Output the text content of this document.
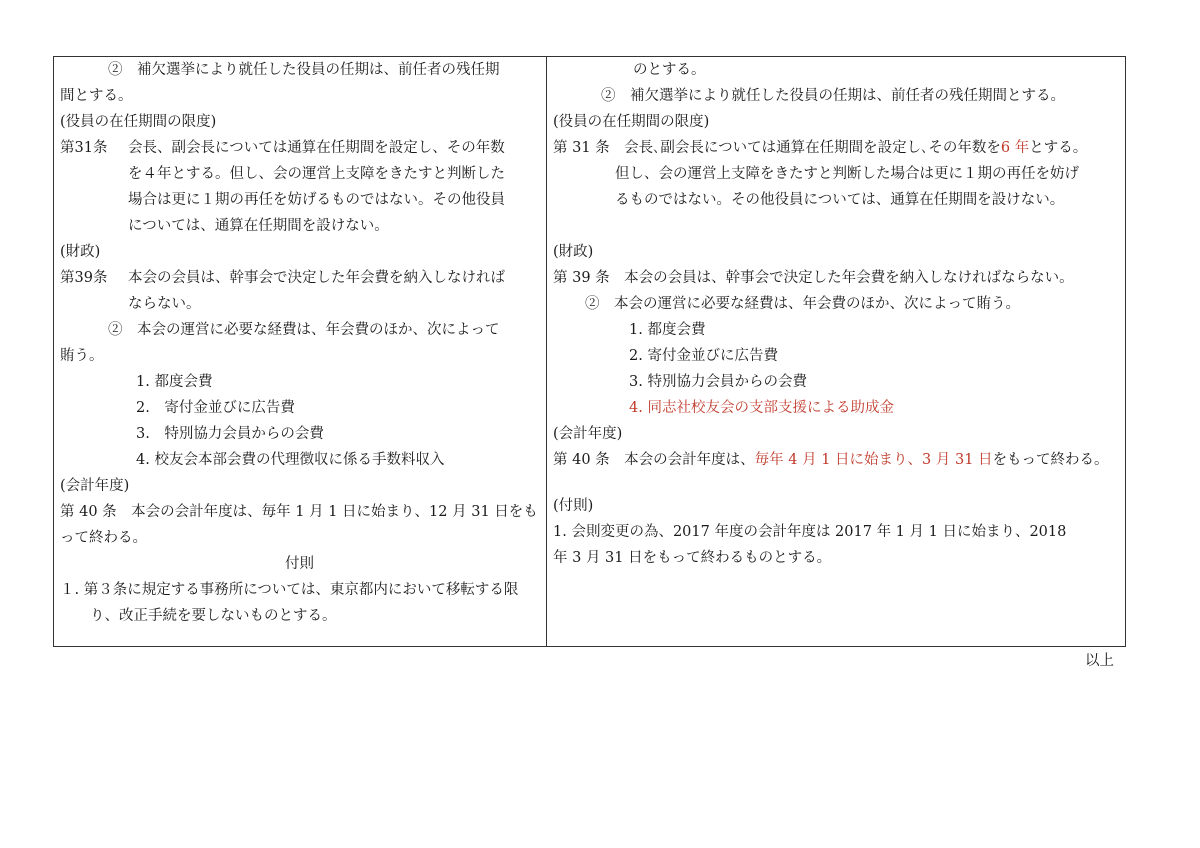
②　補欠選挙により就任した役員の任期は、前任者の残任期
間とする。
(役員の在任期間の限度)
第31条 会長、副会長については通算在任期間を設定し、その年数
を４年とする。但し、会の運営上支障をきたすと判断した
場合は更に１期の再任を妨げるものではない。その他役員
については、通算在任期間を設けない。
(財政)
第39条 本会の会員は、幹事会で決定した年会費を納入しなければ
ならない。
②　本会の運営に必要な経費は、年会費のほか、次によって
賄う。
1. 都度会費
2.　寄付金並びに広告費
3.　特別協力会員からの会費
4. 校友会本部会費の代理徴収に係る手数料収入
(会計年度)
第 40 条　本会の会計年度は、毎年 1 月 1 日に始まり、12 月 31 日をも
って終わる。
付則
１. 第３条に規定する事務所については、東京都内において移転する限
り、改正手続を要しないものとする。
のとする。
②　補欠選挙により就任した役員の任期は、前任者の残任期間とする。
(役員の在任期間の限度)
第 31 条　会長､副会長については通算在任期間を設定し､その年数を6 年とする。
但し、会の運営上支障をきたすと判断した場合は更に１期の再任を妨げ
るものではない。その他役員については、通算在任期間を設けない。
(財政)
第 39 条　本会の会員は、幹事会で決定した年会費を納入しなければならない。
②　本会の運営に必要な経費は、年会費のほか、次によって賄う。
1. 都度会費
2. 寄付金並びに広告費
3. 特別協力会員からの会費
4. 同志社校友会の支部支援による助成金
(会計年度)
第 40 条　本会の会計年度は、毎年 4 月 1 日に始まり、3 月 31 日をもって終わる。
(付則)
1. 会則変更の為、2017 年度の会計年度は 2017 年 1 月 1 日に始まり、2018
年 3 月 31 日をもって終わるものとする。
以上
